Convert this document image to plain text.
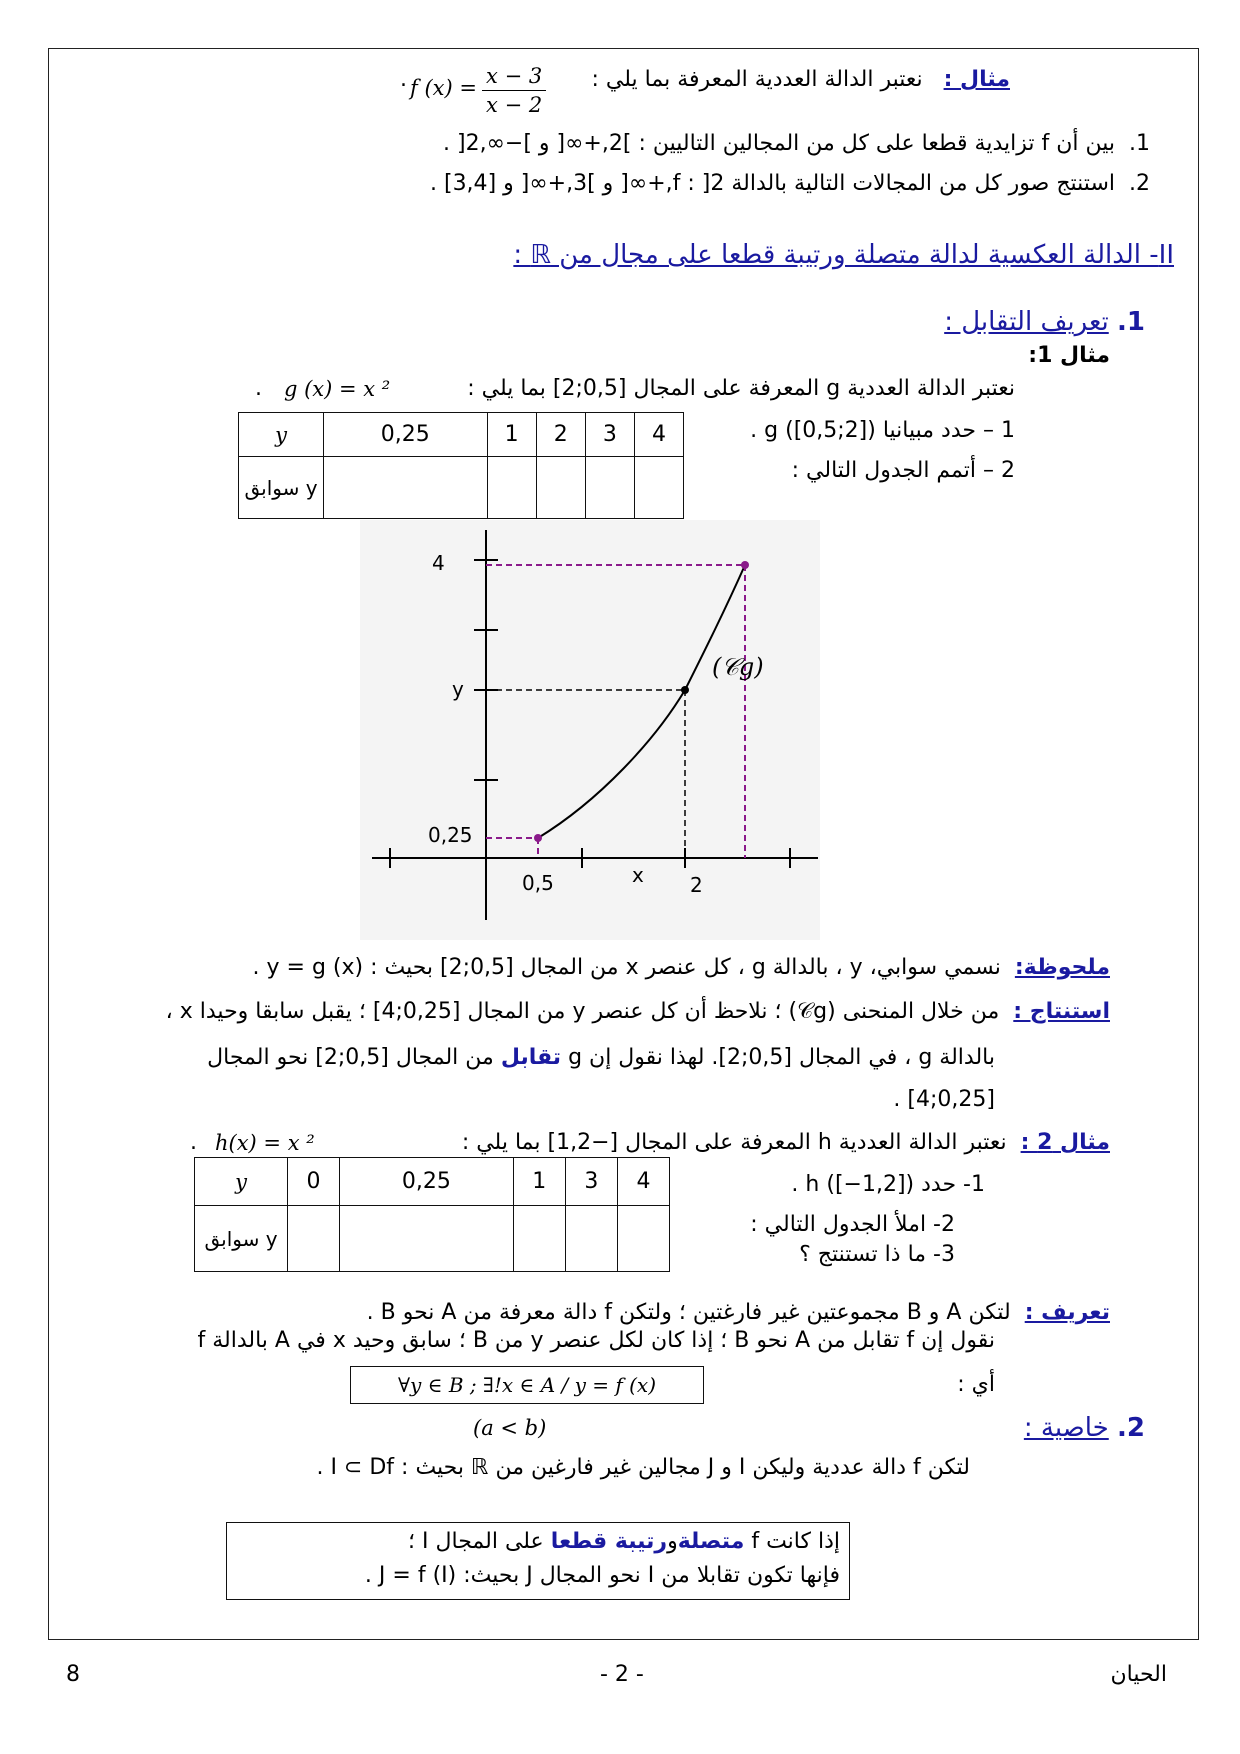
مثال :   نعتبر الدالة العددية المعرفة بما يلي :
f $(x) = \frac{x - 3}{x - 2}$
.
1.  بين أن f تزايدية قطعا على كل من المجالين التاليين : ]2,+∞[ و ]−∞,2[ .
2.  استنتج صور كل من المجالات التالية بالدالة f : ]2,+∞[ و ]3,+∞[ و [3,4] .
II- الدالة العكسية لدالة متصلة ورتيبة قطعا على مجال من ℝ :
1. تعريف التقابل :
مثال 1:
نعتبر الدالة العددية g المعرفة على المجال [0,5;2] بما يلي :
g (x) = x ²
.
1 – حدد مبيانيا g ([0,5;2]) .
2 – أتمم الجدول التالي :
y	0,25	1	2	3	4
y سوابق					
4
y
0,25
0,5	x 2
(𝒞g)
ملحوظة:  نسمي سوابي، y ، بالدالة g ، كل عنصر x من المجال [0,5;2] بحيث : y = g (x) .
استنتاج :  من خلال المنحنى (𝒞g) ؛ نلاحظ أن كل عنصر y من المجال [0,25;4] ؛ يقبل سابقا وحيدا x ،
بالدالة g ، في المجال [0,5;2]. لهذا نقول إن g تقابل من المجال [0,5;2] نحو المجال
[0,25;4] .
مثال 2 :  نعتبر الدالة العددية h المعرفة على المجال [−1,2] بما يلي :
h(x) = x ²
.
1- حدد h ([−1,2]) .
2- املأ الجدول التالي :
3- ما ذا تستنتج ؟
y	0	0,25	1	3	4
y سوابق					
تعريف :  لتكن A و B مجموعتين غير فارغتين ؛ ولتكن f دالة معرفة من A نحو B .
نقول إن f تقابل من A نحو B ؛ إذا كان لكل عنصر y من B ؛ سابق وحيد x في A بالدالة f
أي :
∀y ∈ B ; ∃!x ∈ A / y = f (x)
2. خاصية :
(a < b)
لتكن f دالة عددية وليكن I و J مجالين غير فارغين من ℝ بحيث : I ⊂ Df .
إذا كانت f متصلةورتيبة قطعا على المجال I ؛
فإنها تكون تقابلا من I نحو المجال J بحيث: J = f (I) .
الحيان
- 2 -
8
